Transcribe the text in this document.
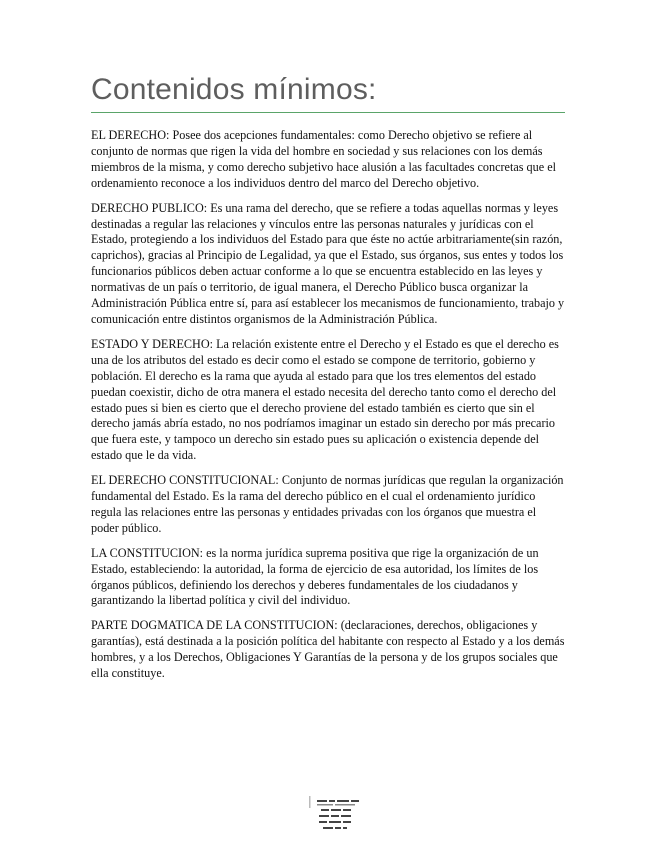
Contenidos mínimos:

EL DERECHO: Posee dos acepciones fundamentales: como Derecho objetivo se refiere al conjunto de normas que rigen la vida del hombre en sociedad y sus relaciones con los demás miembros de la misma, y como derecho subjetivo hace alusión a las facultades concretas que el ordenamiento reconoce a los individuos dentro del marco del Derecho objetivo.

DERECHO PUBLICO: Es una rama del derecho, que se refiere a todas aquellas normas y leyes destinadas a regular las relaciones y vínculos entre las personas naturales y jurídicas con el Estado, protegiendo a los individuos del Estado para que éste no actúe arbitrariamente(sin razón, caprichos), gracias al Principio de Legalidad, ya que el Estado, sus órganos, sus entes y todos los funcionarios públicos deben actuar conforme a lo que se encuentra establecido en las leyes y normativas de un país o territorio, de igual manera, el Derecho Público busca organizar la Administración Pública entre sí, para así establecer los mecanismos de funcionamiento, trabajo y comunicación entre distintos organismos de la Administración Pública.

ESTADO Y DERECHO: La relación existente entre el Derecho y el Estado es que el derecho es una de los atributos del estado es decir como el estado se compone de territorio, gobierno y población. El derecho es la rama que ayuda al estado para que los tres elementos del estado puedan coexistir, dicho de otra manera el estado necesita del derecho tanto como el derecho del estado pues si bien es cierto que el derecho proviene del estado también es cierto que sin el derecho jamás abría estado, no nos podríamos imaginar un estado sin derecho por más precario que fuera este, y tampoco un derecho sin estado pues su aplicación o existencia depende del estado que le da vida.

EL DERECHO CONSTITUCIONAL: Conjunto de normas jurídicas que regulan la organización fundamental del Estado. Es la rama del derecho público en el cual el ordenamiento jurídico regula las relaciones entre las personas y entidades privadas con los órganos que muestra el poder público.

LA CONSTITUCION: es la norma jurídica suprema positiva que rige la organización de un Estado, estableciendo: la autoridad, la forma de ejercicio de esa autoridad, los límites de los órganos públicos, definiendo los derechos y deberes fundamentales de los ciudadanos y garantizando la libertad política y civil del individuo.

PARTE DOGMATICA DE LA CONSTITUCION: (declaraciones, derechos, obligaciones y garantías), está destinada a la posición política del habitante con respecto al Estado y a los demás hombres, y a los Derechos, Obligaciones Y Garantías de la persona y de los grupos sociales que ella constituye.
